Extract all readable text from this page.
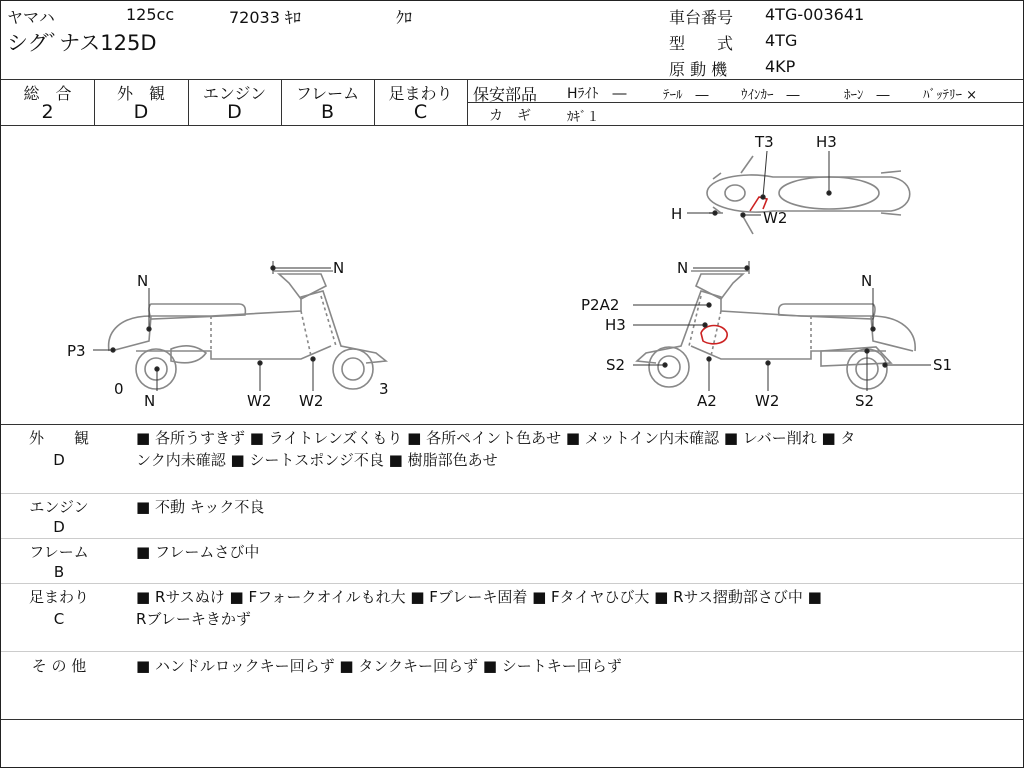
ヤマハ	125cc	72033 ｷﾛ	ｸﾛ
シグﾞナス125D
車台番号 4TG-003641
型　　式 4TG
原 動 機 4KP
総　合
2
外　観
D
エンジン
D
フレーム
B
足まわり
C
保安部品 Hﾗｲﾄ　―	ﾃｰﾙ　― ｳｲﾝｶｰ　―	ﾎｰﾝ　―	ﾊﾞｯﾃﾘｰ ×
カ　ギ	ｶｷﾞ１
N
N
P3
0
N	W2 W2
3
T3	H3
H	W2
N
N
P2A2
H3
S2
A2	W2	S2
S1
外　　観
D
■ 各所うすきず ■ ライトレンズくもり ■ 各所ペイント色あせ ■ メットイン内未確認 ■ レバー削れ ■ タ
ンク内未確認 ■ シートスポンジ不良 ■ 樹脂部色あせ
エンジン
D
■ 不動 キック不良
フレーム
B
■ フレームさび中
足まわり
C
■ Rサスぬけ ■ Fフォークオイルもれ大 ■ Fブレーキ固着 ■ Fタイヤひび大 ■ Rサス摺動部さび中 ■
Rブレーキきかず
そ の 他	■ ハンドルロックキー回らず ■ タンクキー回らず ■ シートキー回らず
